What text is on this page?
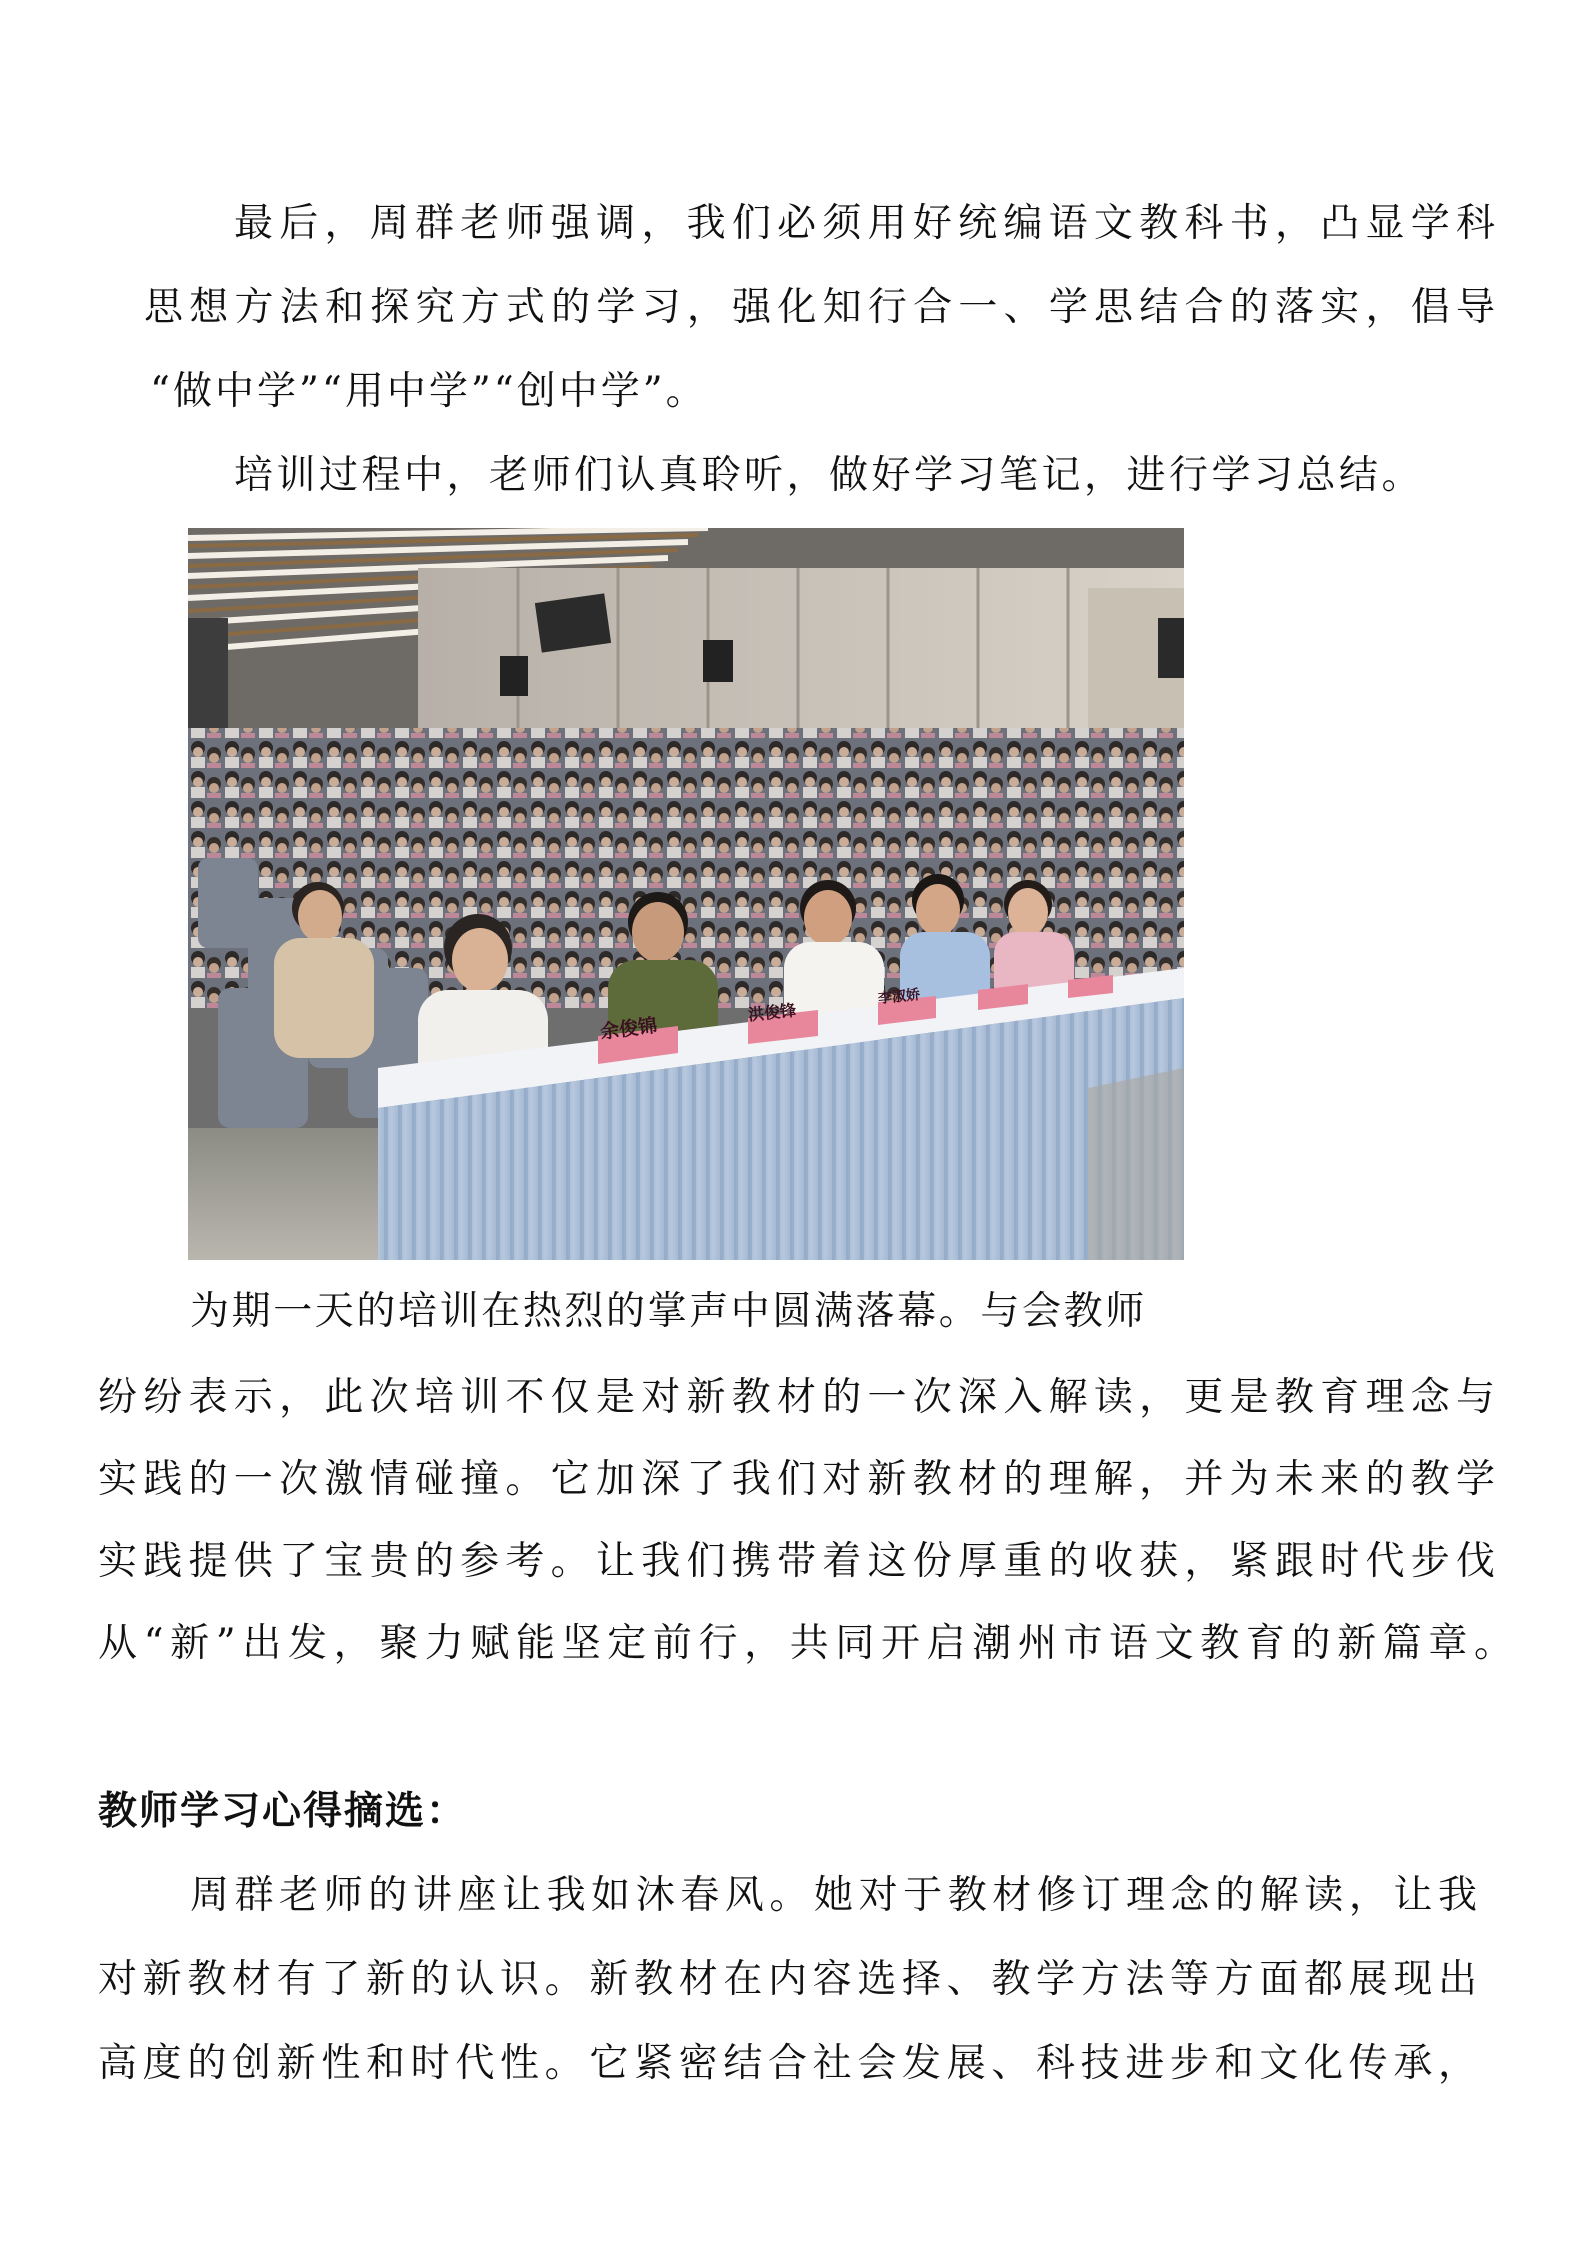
最后，周群老师强调，我们必须用好统编语文教科书，凸显学科
思想方法和探究方式的学习，强化知行合一、学思结合的落实，倡导
“做中学”“用中学”“创中学”。
培训过程中，老师们认真聆听，做好学习笔记，进行学习总结。
余俊锦
洪俊锋
李淑娇
为期一天的培训在热烈的掌声中圆满落幕。与会教师
纷纷表示，此次培训不仅是对新教材的一次深入解读，更是教育理念与
实践的一次激情碰撞。它加深了我们对新教材的理解，并为未来的教学
实践提供了宝贵的参考。让我们携带着这份厚重的收获，紧跟时代步伐
从“新”出发，聚力赋能坚定前行，共同开启潮州市语文教育的新篇章。
教师学习心得摘选：
周群老师的讲座让我如沐春风。她对于教材修订理念的解读，让我
对新教材有了新的认识。新教材在内容选择、教学方法等方面都展现出
高度的创新性和时代性。它紧密结合社会发展、科技进步和文化传承，
